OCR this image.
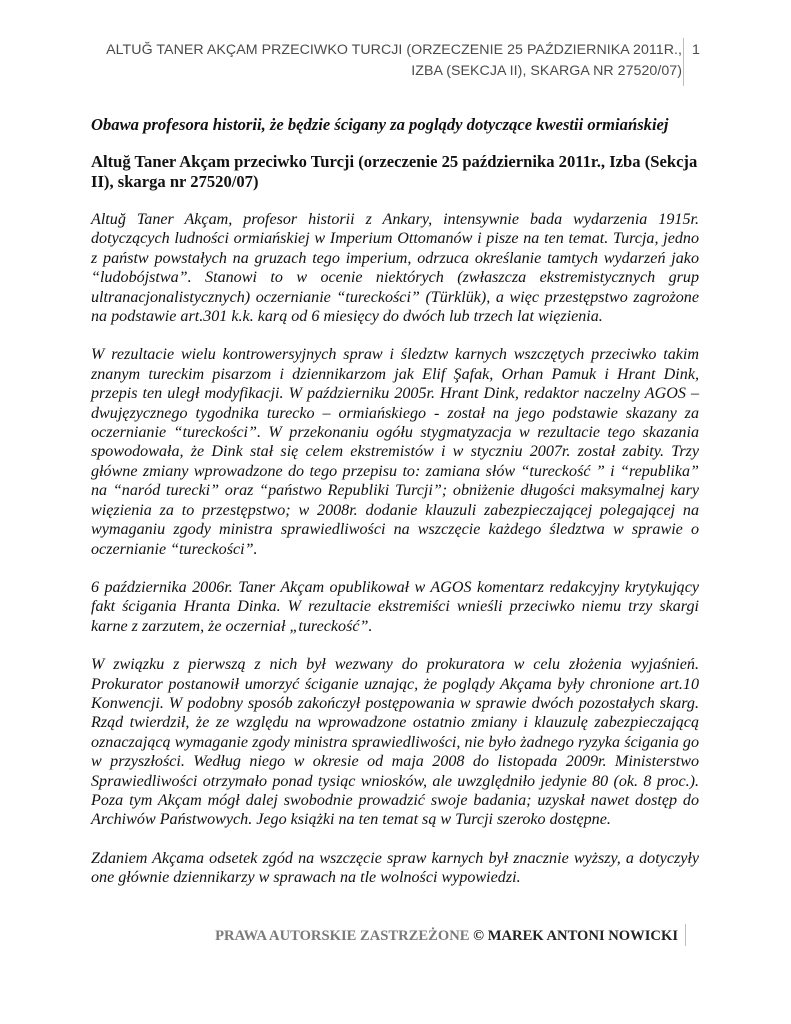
ALTUĞ TANER AKÇAM PRZECIWKO TURCJI (ORZECZENIE 25 PAŹDZIERNIKA 2011R., IZBA (SEKCJA II), SKARGA NR 27520/07)
1
Obawa profesora historii, że będzie ścigany za poglądy dotyczące kwestii ormiańskiej
Altuğ Taner Akçam przeciwko Turcji (orzeczenie 25 października 2011r., Izba (Sekcja II), skarga nr 27520/07)

Altuğ Taner Akçam, profesor historii z Ankary, intensywnie bada wydarzenia 1915r. dotyczących ludności ormiańskiej w Imperium Ottomanów i pisze na ten temat. Turcja, jedno z państw powstałych na gruzach tego imperium, odrzuca określanie tamtych wydarzeń jako “ludobójstwa”. Stanowi to w ocenie niektórych (zwłaszcza ekstremistycznych grup ultranacjonalistycznych) oczernianie “tureckości” (Türklük), a więc przestępstwo zagrożone na podstawie art.301 k.k. karą od 6 miesięcy do dwóch lub trzech lat więzienia.

W rezultacie wielu kontrowersyjnych spraw i śledztw karnych wszczętych przeciwko takim znanym tureckim pisarzom i dziennikarzom jak Elif Şafak, Orhan Pamuk i Hrant Dink, przepis ten uległ modyfikacji. W październiku 2005r. Hrant Dink, redaktor naczelny AGOS – dwujęzycznego tygodnika turecko – ormiańskiego - został na jego podstawie skazany za oczernianie “tureckości”. W przekonaniu ogółu stygmatyzacja w rezultacie tego skazania spowodowała, że Dink stał się celem ekstremistów i w styczniu 2007r. został zabity. Trzy główne zmiany wprowadzone do tego przepisu to: zamiana słów “tureckość ” i “republika” na “naród turecki” oraz “państwo Republiki Turcji”; obniżenie długości maksymalnej kary więzienia za to przestępstwo; w 2008r. dodanie klauzuli zabezpieczającej polegającej na wymaganiu zgody ministra sprawiedliwości na wszczęcie każdego śledztwa w sprawie o oczernianie “tureckości”.

6 października 2006r. Taner Akçam opublikował w AGOS komentarz redakcyjny krytykujący fakt ścigania Hranta Dinka. W rezultacie ekstremiści wnieśli przeciwko niemu trzy skargi karne z zarzutem, że oczerniał „tureckość”.

W związku z pierwszą z nich był wezwany do prokuratora w celu złożenia wyjaśnień. Prokurator postanowił umorzyć ściganie uznając, że poglądy Akçama były chronione art.10 Konwencji. W podobny sposób zakończył postępowania w sprawie dwóch pozostałych skarg. Rząd twierdził, że ze względu na wprowadzone ostatnio zmiany i klauzulę zabezpieczającą oznaczającą wymaganie zgody ministra sprawiedliwości, nie było żadnego ryzyka ścigania go w przyszłości. Według niego w okresie od maja 2008 do listopada 2009r. Ministerstwo Sprawiedliwości otrzymało ponad tysiąc wniosków, ale uwzględniło jedynie 80 (ok. 8 proc.). Poza tym Akçam mógł dalej swobodnie prowadzić swoje badania; uzyskał nawet dostęp do Archiwów Państwowych. Jego książki na ten temat są w Turcji szeroko dostępne.

Zdaniem Akçama odsetek zgód na wszczęcie spraw karnych był znacznie wyższy, a dotyczyły one głównie dziennikarzy w sprawach na tle wolności wypowiedzi.

PRAWA AUTORSKIE ZASTRZEŻONE © MAREK ANTONI NOWICKI
